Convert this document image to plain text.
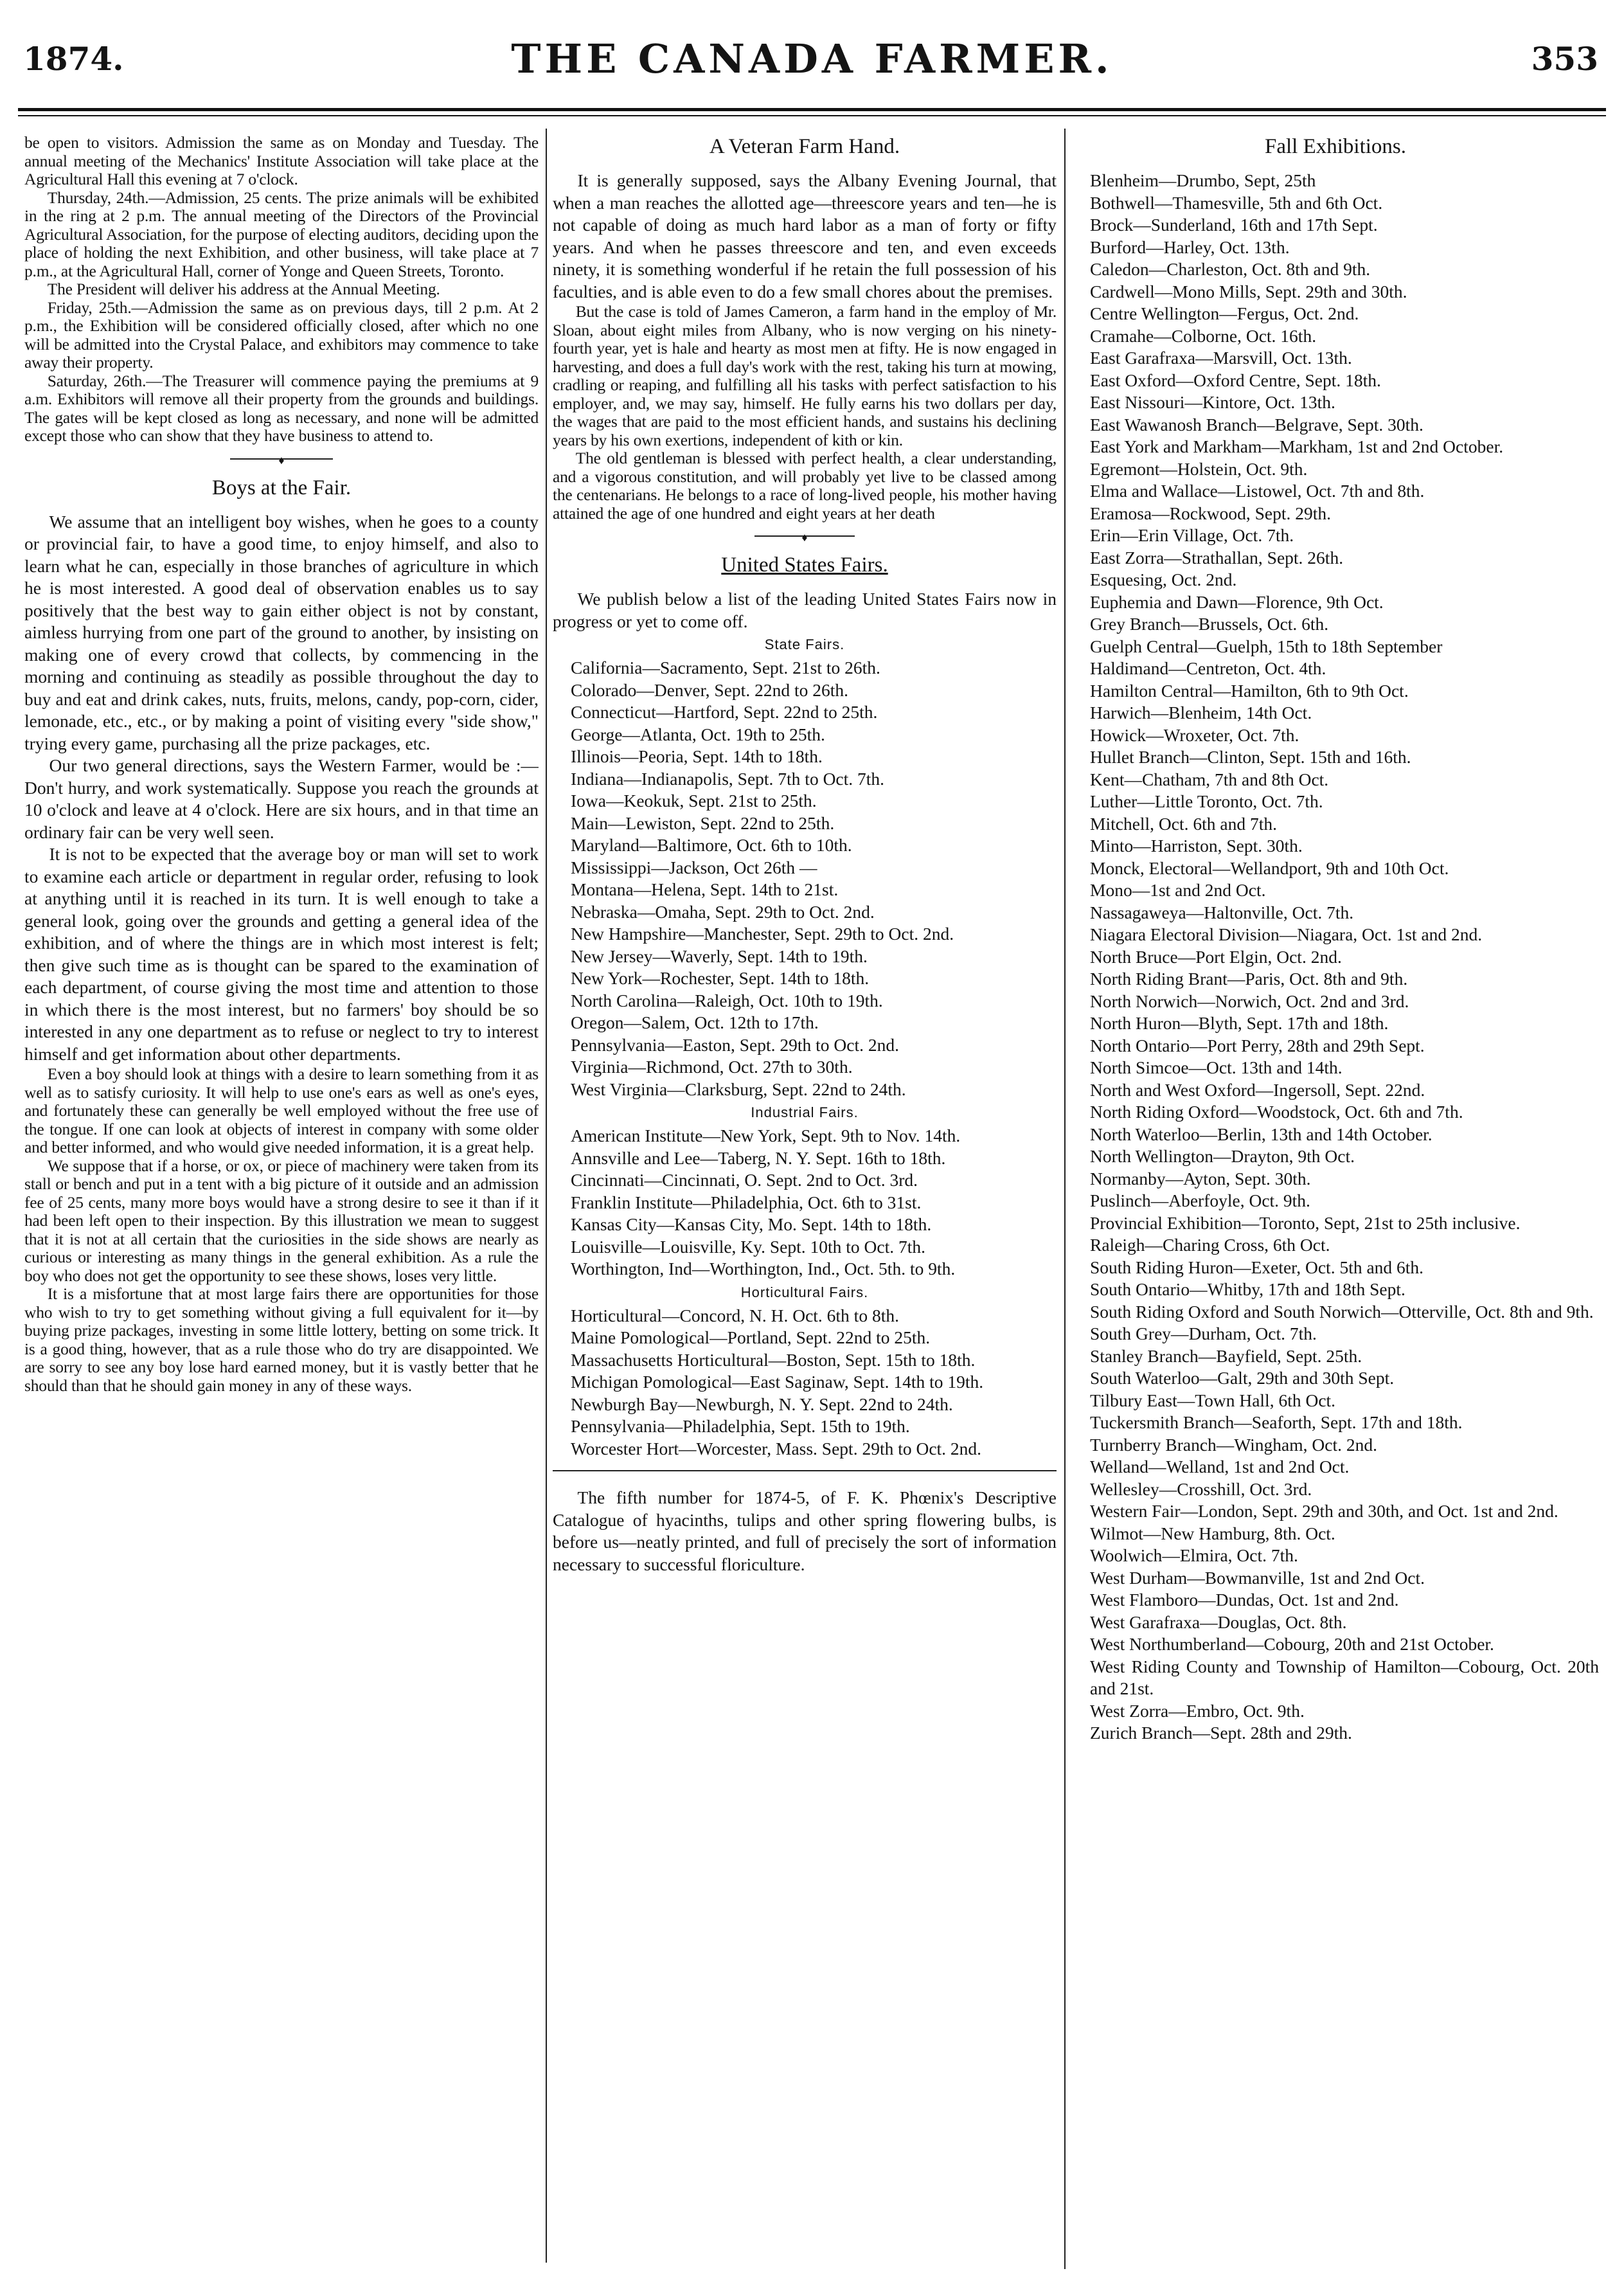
1874.	THE CANADA FARMER.	353

be open to visitors. Admission the same as on Monday and Tuesday. The annual meeting of the Mechanics' Institute Association will take place at the Agricultural Hall this evening at 7 o'clock.

Thursday, 24th.—Admission, 25 cents. The prize animals will be exhibited in the ring at 2 p.m. The annual meeting of the Directors of the Provincial Agricultural Association, for the purpose of electing auditors, deciding upon the place of holding the next Exhibition, and other business, will take place at 7 p.m., at the Agricultural Hall, corner of Yonge and Queen Streets, Toronto.

The President will deliver his address at the Annual Meeting.

Friday, 25th.—Admission the same as on previous days, till 2 p.m. At 2 p.m., the Exhibition will be considered officially closed, after which no one will be admitted into the Crystal Palace, and exhibitors may commence to take away their property.

Saturday, 26th.—The Treasurer will commence paying the premiums at 9 a.m. Exhibitors will remove all their property from the grounds and buildings. The gates will be kept closed as long as necessary, and none will be admitted except those who can show that they have business to attend to.

♦
Boys at the Fair.

We assume that an intelligent boy wishes, when he goes to a county or provincial fair, to have a good time, to enjoy himself, and also to learn what he can, especially in those branches of agriculture in which he is most interested. A good deal of observation enables us to say positively that the best way to gain either object is not by constant, aimless hurrying from one part of the ground to another, by insisting on making one of every crowd that collects, by commencing in the morning and continuing as steadily as possible throughout the day to buy and eat and drink cakes, nuts, fruits, melons, candy, pop-corn, cider, lemonade, etc., etc., or by making a point of visiting every "side show," trying every game, purchasing all the prize packages, etc.

Our two general directions, says the Western Farmer, would be :—Don't hurry, and work systematically. Suppose you reach the grounds at 10 o'clock and leave at 4 o'clock. Here are six hours, and in that time an ordinary fair can be very well seen.

It is not to be expected that the average boy or man will set to work to examine each article or department in regular order, refusing to look at anything until it is reached in its turn. It is well enough to take a general look, going over the grounds and getting a general idea of the exhibition, and of where the things are in which most interest is felt; then give such time as is thought can be spared to the examination of each department, of course giving the most time and attention to those in which there is the most interest, but no farmers' boy should be so interested in any one department as to refuse or neglect to try to interest himself and get information about other departments.

Even a boy should look at things with a desire to learn something from it as well as to satisfy curiosity. It will help to use one's ears as well as one's eyes, and fortunately these can generally be well employed without the free use of the tongue. If one can look at objects of interest in company with some older and better informed, and who would give needed information, it is a great help.

We suppose that if a horse, or ox, or piece of machinery were taken from its stall or bench and put in a tent with a big picture of it outside and an admission fee of 25 cents, many more boys would have a strong desire to see it than if it had been left open to their inspection. By this illustration we mean to suggest that it is not at all certain that the curiosities in the side shows are nearly as curious or interesting as many things in the general exhibition. As a rule the boy who does not get the opportunity to see these shows, loses very little.

It is a misfortune that at most large fairs there are opportunities for those who wish to try to get something without giving a full equivalent for it—by buying prize packages, investing in some little lottery, betting on some trick. It is a good thing, however, that as a rule those who do try are disappointed. We are sorry to see any boy lose hard earned money, but it is vastly better that he should than that he should gain money in any of these ways.

A Veteran Farm Hand.

It is generally supposed, says the Albany Evening Journal, that when a man reaches the allotted age—threescore years and ten—he is not capable of doing as much hard labor as a man of forty or fifty years. And when he passes threescore and ten, and even exceeds ninety, it is something wonderful if he retain the full possession of his faculties, and is able even to do a few small chores about the premises.

But the case is told of James Cameron, a farm hand in the employ of Mr. Sloan, about eight miles from Albany, who is now verging on his ninety-fourth year, yet is hale and hearty as most men at fifty. He is now engaged in harvesting, and does a full day's work with the rest, taking his turn at mowing, cradling or reaping, and fulfilling all his tasks with perfect satisfaction to his employer, and, we may say, himself. He fully earns his two dollars per day, the wages that are paid to the most efficient hands, and sustains his declining years by his own exertions, independent of kith or kin.

The old gentleman is blessed with perfect health, a clear understanding, and a vigorous constitution, and will probably yet live to be classed among the centenarians. He belongs to a race of long-lived people, his mother having attained the age of one hundred and eight years at her death

♦
United States Fairs.

We publish below a list of the leading United States Fairs now in progress or yet to come off.

State Fairs.
California—Sacramento, Sept. 21st to 26th.
Colorado—Denver, Sept. 22nd to 26th.
Connecticut—Hartford, Sept. 22nd to 25th.
George—Atlanta, Oct. 19th to 25th.
Illinois—Peoria, Sept. 14th to 18th.
Indiana—Indianapolis, Sept. 7th to Oct. 7th.
Iowa—Keokuk, Sept. 21st to 25th.
Main—Lewiston, Sept. 22nd to 25th.
Maryland—Baltimore, Oct. 6th to 10th.
Mississippi—Jackson, Oct 26th —
Montana—Helena, Sept. 14th to 21st.
Nebraska—Omaha, Sept. 29th to Oct. 2nd.
New Hampshire—Manchester, Sept. 29th to Oct. 2nd.
New Jersey—Waverly, Sept. 14th to 19th.
New York—Rochester, Sept. 14th to 18th.
North Carolina—Raleigh, Oct. 10th to 19th.
Oregon—Salem, Oct. 12th to 17th.
Pennsylvania—Easton, Sept. 29th to Oct. 2nd.
Virginia—Richmond, Oct. 27th to 30th.
West Virginia—Clarksburg, Sept. 22nd to 24th.
Industrial Fairs.
American Institute—New York, Sept. 9th to Nov. 14th.
Annsville and Lee—Taberg, N. Y. Sept. 16th to 18th.
Cincinnati—Cincinnati, O. Sept. 2nd to Oct. 3rd.
Franklin Institute—Philadelphia, Oct. 6th to 31st.
Kansas City—Kansas City, Mo. Sept. 14th to 18th.
Louisville—Louisville, Ky. Sept. 10th to Oct. 7th.
Worthington, Ind—Worthington, Ind., Oct. 5th. to 9th.
Horticultural Fairs.
Horticultural—Concord, N. H. Oct. 6th to 8th.
Maine Pomological—Portland, Sept. 22nd to 25th.
Massachusetts Horticultural—Boston, Sept. 15th to 18th.
Michigan Pomological—East Saginaw, Sept. 14th to 19th.
Newburgh Bay—Newburgh, N. Y. Sept. 22nd to 24th.
Pennsylvania—Philadelphia, Sept. 15th to 19th.
Worcester Hort—Worcester, Mass. Sept. 29th to Oct. 2nd.

The fifth number for 1874-5, of F. K. Phœnix's Descriptive Catalogue of hyacinths, tulips and other spring flowering bulbs, is before us—neatly printed, and full of precisely the sort of information necessary to successful floriculture.

Fall Exhibitions.
Blenheim—Drumbo, Sept, 25th
Bothwell—Thamesville, 5th and 6th Oct.
Brock—Sunderland, 16th and 17th Sept.
Burford—Harley, Oct. 13th.
Caledon—Charleston, Oct. 8th and 9th.
Cardwell—Mono Mills, Sept. 29th and 30th.
Centre Wellington—Fergus, Oct. 2nd.
Cramahe—Colborne, Oct. 16th.
East Garafraxa—Marsvill, Oct. 13th.
East Oxford—Oxford Centre, Sept. 18th.
East Nissouri—Kintore, Oct. 13th.
East Wawanosh Branch—Belgrave, Sept. 30th.
East York and Markham—Markham, 1st and 2nd October.
Egremont—Holstein, Oct. 9th.
Elma and Wallace—Listowel, Oct. 7th and 8th.
Eramosa—Rockwood, Sept. 29th.
Erin—Erin Village, Oct. 7th.
East Zorra—Strathallan, Sept. 26th.
Esquesing, Oct. 2nd.
Euphemia and Dawn—Florence, 9th Oct.
Grey Branch—Brussels, Oct. 6th.
Guelph Central—Guelph, 15th to 18th September
Haldimand—Centreton, Oct. 4th.
Hamilton Central—Hamilton, 6th to 9th Oct.
Harwich—Blenheim, 14th Oct.
Howick—Wroxeter, Oct. 7th.
Hullet Branch—Clinton, Sept. 15th and 16th.
Kent—Chatham, 7th and 8th Oct.
Luther—Little Toronto, Oct. 7th.
Mitchell, Oct. 6th and 7th.
Minto—Harriston, Sept. 30th.
Monck, Electoral—Wellandport, 9th and 10th Oct.
Mono—1st and 2nd Oct.
Nassagaweya—Haltonville, Oct. 7th.
Niagara Electoral Division—Niagara, Oct. 1st and 2nd.
North Bruce—Port Elgin, Oct. 2nd.
North Riding Brant—Paris, Oct. 8th and 9th.
North Norwich—Norwich, Oct. 2nd and 3rd.
North Huron—Blyth, Sept. 17th and 18th.
North Ontario—Port Perry, 28th and 29th Sept.
North Simcoe—Oct. 13th and 14th.
North and West Oxford—Ingersoll, Sept. 22nd.
North Riding Oxford—Woodstock, Oct. 6th and 7th.
North Waterloo—Berlin, 13th and 14th October.
North Wellington—Drayton, 9th Oct.
Normanby—Ayton, Sept. 30th.
Puslinch—Aberfoyle, Oct. 9th.
Provincial Exhibition—Toronto, Sept, 21st to 25th inclusive.
Raleigh—Charing Cross, 6th Oct.
South Riding Huron—Exeter, Oct. 5th and 6th.
South Ontario—Whitby, 17th and 18th Sept.
South Riding Oxford and South Norwich—Otterville, Oct. 8th and 9th.
South Grey—Durham, Oct. 7th.
Stanley Branch—Bayfield, Sept. 25th.
South Waterloo—Galt, 29th and 30th Sept.
Tilbury East—Town Hall, 6th Oct.
Tuckersmith Branch—Seaforth, Sept. 17th and 18th.
Turnberry Branch—Wingham, Oct. 2nd.
Welland—Welland, 1st and 2nd Oct.
Wellesley—Crosshill, Oct. 3rd.
Western Fair—London, Sept. 29th and 30th, and Oct. 1st and 2nd.
Wilmot—New Hamburg, 8th. Oct.
Woolwich—Elmira, Oct. 7th.
West Durham—Bowmanville, 1st and 2nd Oct.
West Flamboro—Dundas, Oct. 1st and 2nd.
West Garafraxa—Douglas, Oct. 8th.
West Northumberland—Cobourg, 20th and 21st October.
West Riding County and Township of Hamilton—Cobourg, Oct. 20th and 21st.
West Zorra—Embro, Oct. 9th.
Zurich Branch—Sept. 28th and 29th.
